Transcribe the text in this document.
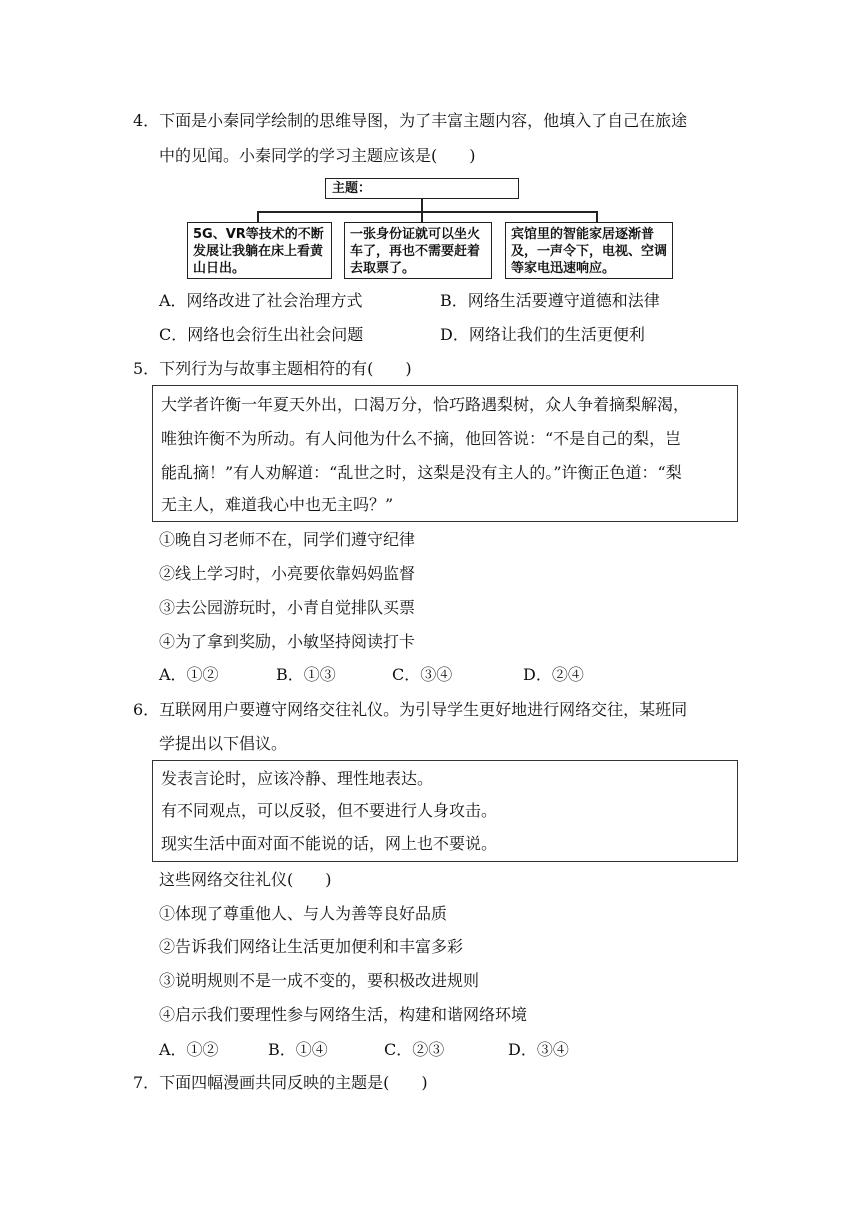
4．下面是小秦同学绘制的思维导图，为了丰富主题内容，他填入了自己在旅途
中的见闻。小秦同学的学习主题应该是(　　)
主题：
5G、VR等技术的不断发展让我躺在床上看黄山日出。
一张身份证就可以坐火车了，再也不需要赶着去取票了。
宾馆里的智能家居逐渐普及，一声令下，电视、空调等家电迅速响应。
A．网络改进了社会治理方式	B．网络生活要遵守道德和法律
C．网络也会衍生出社会问题	D．网络让我们的生活更便利
5．下列行为与故事主题相符的有(　　)
大学者许衡一年夏天外出，口渴万分，恰巧路遇梨树，众人争着摘梨解渴，
唯独许衡不为所动。有人问他为什么不摘，他回答说：“不是自己的梨，岂
能乱摘！”有人劝解道：“乱世之时，这梨是没有主人的。”许衡正色道：“梨
无主人，难道我心中也无主吗？”
①晚自习老师不在，同学们遵守纪律
②线上学习时，小亮要依靠妈妈监督
③去公园游玩时，小青自觉排队买票
④为了拿到奖励，小敏坚持阅读打卡
A．①②	B．①③	C．③④	D．②④
6．互联网用户要遵守网络交往礼仪。为引导学生更好地进行网络交往，某班同
学提出以下倡议。
发表言论时，应该冷静、理性地表达。
有不同观点，可以反驳，但不要进行人身攻击。
现实生活中面对面不能说的话，网上也不要说。
这些网络交往礼仪(　　)
①体现了尊重他人、与人为善等良好品质
②告诉我们网络让生活更加便利和丰富多彩
③说明规则不是一成不变的，要积极改进规则
④启示我们要理性参与网络生活，构建和谐网络环境
A．①②	B．①④	C．②③	D．③④
7．下面四幅漫画共同反映的主题是(　　)
